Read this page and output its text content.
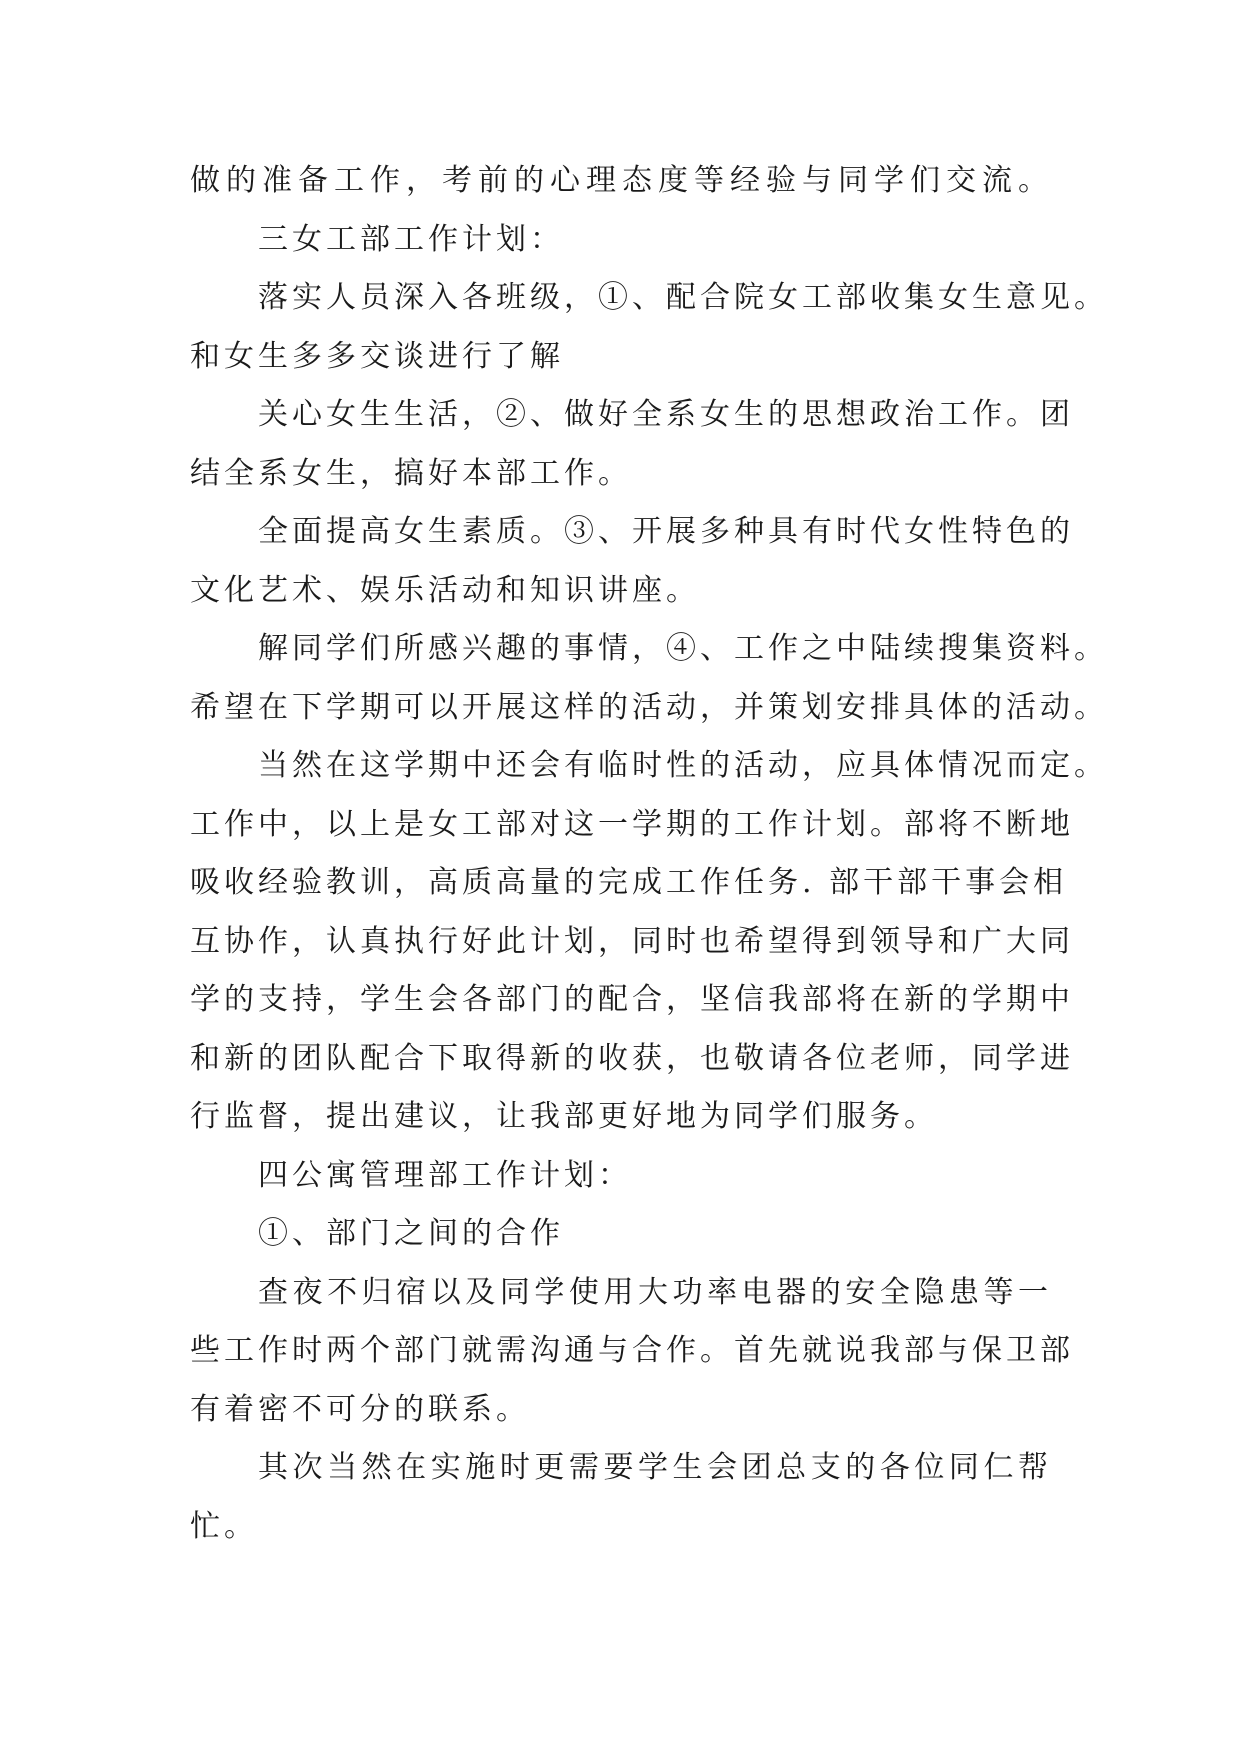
做的准备工作，考前的心理态度等经验与同学们交流。
三女工部工作计划：
落实人员深入各班级，①、配合院女工部收集女生意见。
和女生多多交谈进行了解
关心女生生活，②、做好全系女生的思想政治工作。团
结全系女生，搞好本部工作。
全面提高女生素质。③、开展多种具有时代女性特色的
文化艺术、娱乐活动和知识讲座。
解同学们所感兴趣的事情，④、工作之中陆续搜集资料。
希望在下学期可以开展这样的活动，并策划安排具体的活动。
当然在这学期中还会有临时性的活动，应具体情况而定。
工作中，以上是女工部对这一学期的工作计划。部将不断地
吸收经验教训，高质高量的完成工作任务. 部干部干事会相
互协作，认真执行好此计划，同时也希望得到领导和广大同
学的支持，学生会各部门的配合，坚信我部将在新的学期中
和新的团队配合下取得新的收获，也敬请各位老师，同学进
行监督，提出建议，让我部更好地为同学们服务。
四公寓管理部工作计划：
①、部门之间的合作
查夜不归宿以及同学使用大功率电器的安全隐患等一
些工作时两个部门就需沟通与合作。首先就说我部与保卫部
有着密不可分的联系。
其次当然在实施时更需要学生会团总支的各位同仁帮
忙。
